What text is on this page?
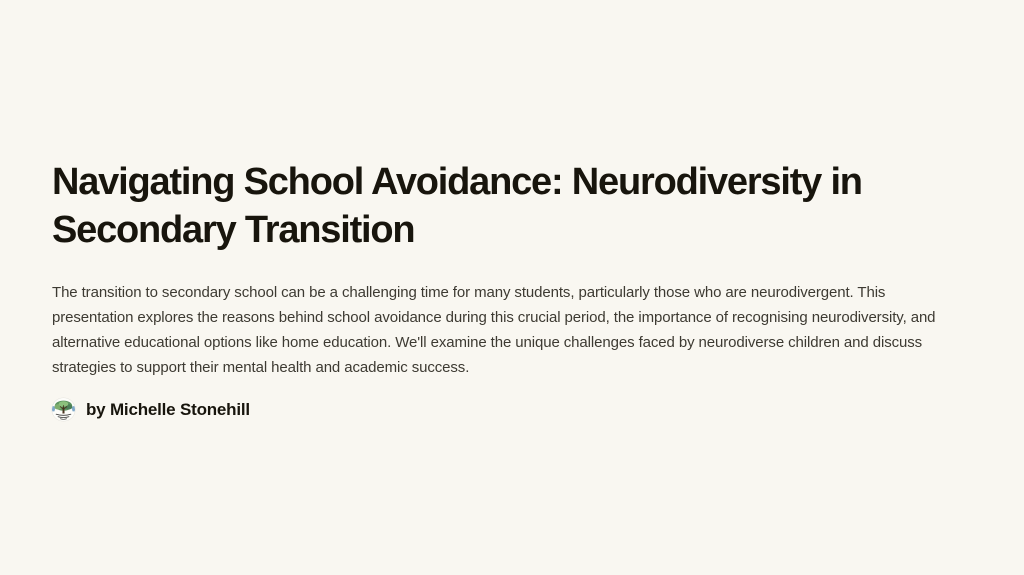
Navigating School Avoidance: Neurodiversity in Secondary Transition

The transition to secondary school can be a challenging time for many students, particularly those who are neurodivergent. This presentation explores the reasons behind school avoidance during this crucial period, the importance of recognising neurodiversity, and alternative educational options like home education. We'll examine the unique challenges faced by neurodiverse children and discuss strategies to support their mental health and academic success.

by Michelle Stonehill
